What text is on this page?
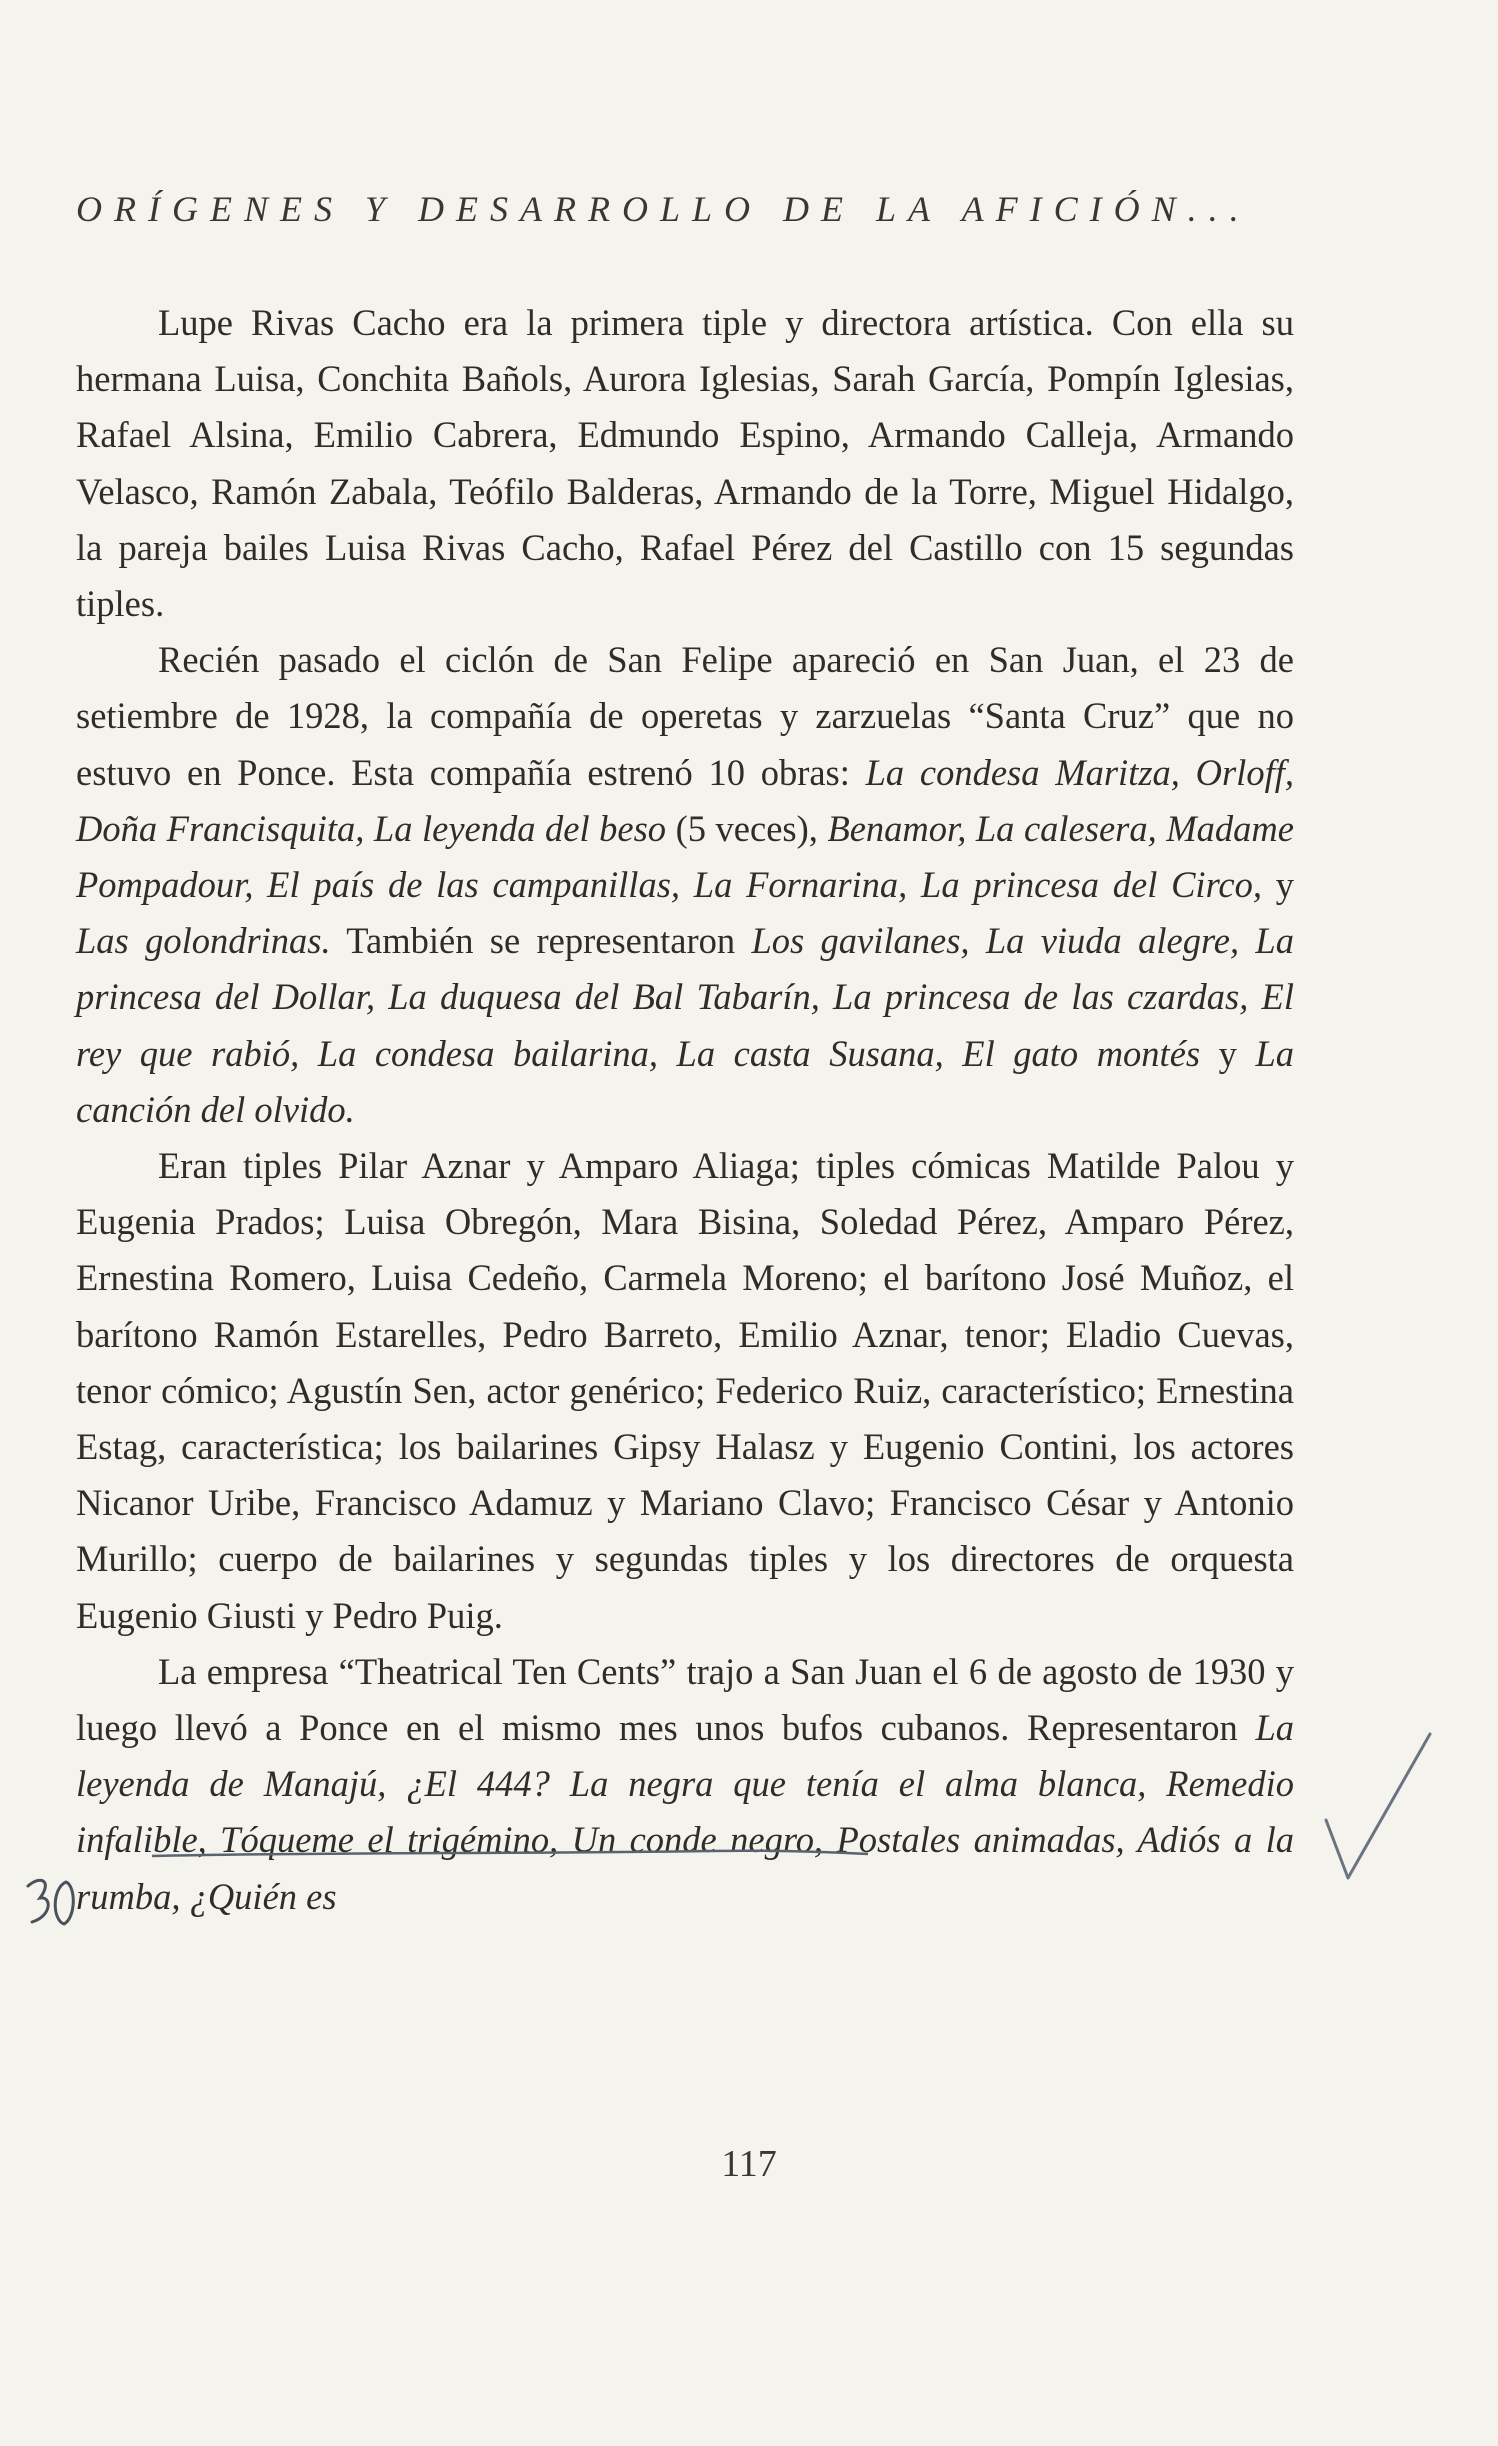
ORÍGENES Y DESARROLLO DE LA AFICIÓN...

Lupe Rivas Cacho era la primera tiple y directora artística. Con ella su hermana Luisa, Conchita Bañols, Aurora Iglesias, Sarah García, Pompín Iglesias, Rafael Alsina, Emilio Cabrera, Edmundo Espino, Armando Calleja, Armando Velasco, Ramón Zabala, Teófilo Balderas, Armando de la Torre, Miguel Hidalgo, la pareja bailes Luisa Rivas Cacho, Rafael Pérez del Castillo con 15 segundas tiples.

Recién pasado el ciclón de San Felipe apareció en San Juan, el 23 de setiembre de 1928, la compañía de operetas y zarzuelas “Santa Cruz” que no estuvo en Ponce. Esta compañía estrenó 10 obras: La condesa Maritza, Orloff, Doña Francisquita, La leyenda del beso (5 veces), Benamor, La calesera, Madame Pompadour, El país de las campanillas, La Fornarina, La princesa del Circo, y Las golondrinas. También se representaron Los gavilanes, La viuda alegre, La princesa del Dollar, La duquesa del Bal Tabarín, La princesa de las czardas, El rey que rabió, La condesa bailarina, La casta Susana, El gato montés y La canción del olvido.

Eran tiples Pilar Aznar y Amparo Aliaga; tiples cómicas Matilde Palou y Eugenia Prados; Luisa Obregón, Mara Bisina, Soledad Pérez, Amparo Pérez, Ernestina Romero, Luisa Cedeño, Carmela Moreno; el barítono José Muñoz, el barítono Ramón Estarelles, Pedro Barreto, Emilio Aznar, tenor; Eladio Cuevas, tenor cómico; Agustín Sen, actor genérico; Federico Ruiz, característico; Ernestina Estag, característica; los bailarines Gipsy Halasz y Eugenio Contini, los actores Nicanor Uribe, Francisco Adamuz y Mariano Clavo; Francisco César y Antonio Murillo; cuerpo de bailarines y segundas tiples y los directores de orquesta Eugenio Giusti y Pedro Puig.

La empresa “Theatrical Ten Cents” trajo a San Juan el 6 de agosto de 1930 y luego llevó a Ponce en el mismo mes unos bufos cubanos. Representaron La leyenda de Manajú, ¿El 444? La negra que tenía el alma blanca, Remedio infalible, Tóqueme el trigémino, Un conde negro, Postales animadas, Adiós a la rumba, ¿Quién es

117
